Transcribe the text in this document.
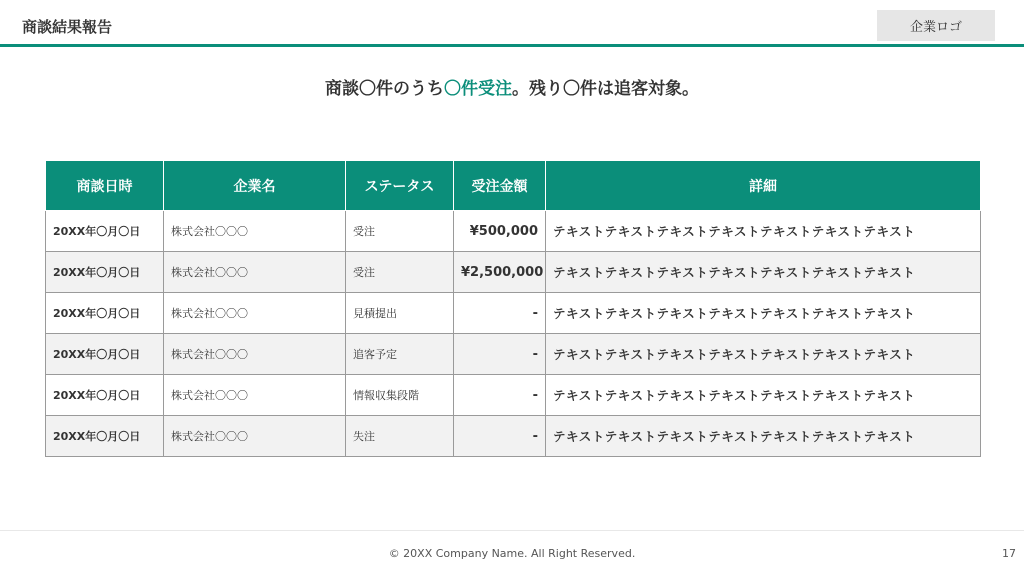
商談結果報告	企業ロゴ
商談〇件のうち〇件受注。残り〇件は追客対象。
商談日時	企業名	ステータス	受注金額	詳細
20XX年〇月〇日	株式会社〇〇〇	受注	¥500,000	テキストテキストテキストテキストテキストテキストテキスト
20XX年〇月〇日	株式会社〇〇〇	受注	¥2,500,000	テキストテキストテキストテキストテキストテキストテキスト
20XX年〇月〇日	株式会社〇〇〇	見積提出	-	テキストテキストテキストテキストテキストテキストテキスト
20XX年〇月〇日	株式会社〇〇〇	追客予定	-	テキストテキストテキストテキストテキストテキストテキスト
20XX年〇月〇日	株式会社〇〇〇	情報収集段階	-	テキストテキストテキストテキストテキストテキストテキスト
20XX年〇月〇日	株式会社〇〇〇	失注	-	テキストテキストテキストテキストテキストテキストテキスト
© 20XX Company Name. All Right Reserved.	17
